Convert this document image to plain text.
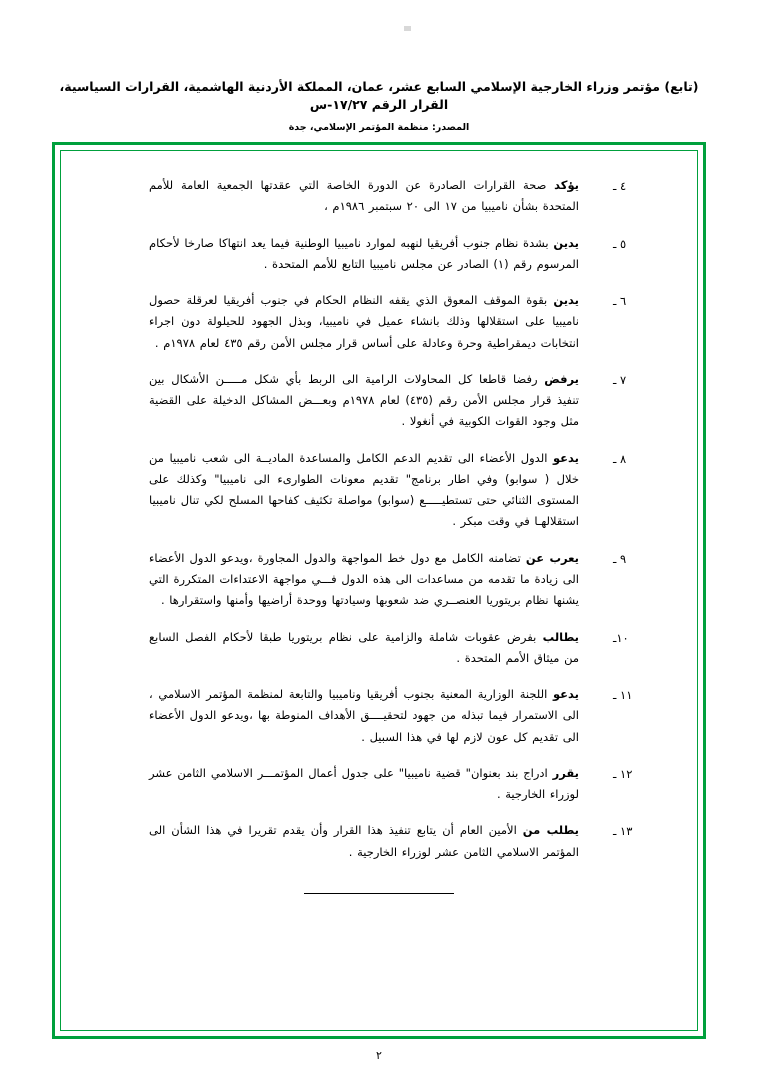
(تابع) مؤتمر وزراء الخارجية الإسلامي السابع عشر، عمان، المملكة الأردنية الهاشمية، القرارات السياسية، القرار الرقم ١٧/٢٧-س
المصدر: منظمة المؤتمر الإسلامي، جدة
٤ ـ
يؤكد صحة القرارات الصادرة عن الدورة الخاصة التي عقدتها الجمعية العامة للأمم المتحدة بشأن ناميبيا من ١٧ الى ٢٠ سبتمبر ١٩٨٦م ،
٥ ـ
يدين بشدة نظام جنوب أفريقيا لنهبه لموارد ناميبيا الوطنية فيما يعد انتهاكا صارخا لأحكام المرسوم رقم (١) الصادر عن مجلس ناميبيا التابع للأمم المتحدة .
٦ ـ
يدين بقوة الموقف المعوق الذي يقفه النظام الحكام في جنوب أفريقيا لعرقلة حصول ناميبيا على استقلالها وذلك بانشاء عميل في ناميبيا، وبذل الجهود للحيلولة دون اجراء انتخابات ديمقراطية وحرة وعادلة على أساس قرار مجلس الأمن رقم ٤٣٥ لعام ١٩٧٨م .
٧ ـ
يرفض رفضا قاطعا كل المحاولات الرامية الى الربط بأي شكل مـــــن الأشكال بين تنفيذ قرار مجلس الأمن رقم (٤٣٥) لعام ١٩٧٨م وبعـــض المشاكل الدخيلة على القضية مثل وجود القوات الكوبية في أنغولا .
٨ ـ
يدعو الدول الأعضاء الى تقديم الدعم الكامل والمساعدة الماديــة الى شعب ناميبيا من خلال ( سوابو) وفي اطار برنامج" تقديم معونات الطوارىء الى ناميبيا" وكذلك على المستوى الثنائي حتى تستطيـــــع (سوابو) مواصلة تكثيف كفاحها المسلح لكي تنال ناميبيا استقلالهـا في وقت مبكر .
٩ ـ
يعرب عن تضامنه الكامل مع دول خط المواجهة والدول المجاورة ،ويدعو الدول الأعضاء الى زيادة ما تقدمه من مساعدات الى هذه الدول فـــي مواجهة الاعتداءات المتكررة التي يشنها نظام بريتوريا العنصــري ضد شعوبها وسيادتها ووحدة أراضيها وأمنها واستقرارها .
١٠ـ
يطالب بفرض عقوبات شاملة والزامية على نظام بريتوريا طبقا لأحكام الفصل السابع من ميثاق الأمم المتحدة .
١١ ـ
يدعو اللجنة الوزارية المعنية بجنوب أفريقيا وناميبيا والتابعة لمنظمة المؤتمر الاسلامي ، الى الاستمرار فيما تبذله من جهود لتحقيــــق الأهداف المنوطة بها ،ويدعو الدول الأعضاء الى تقديم كل عون لازم لها في هذا السبيل .
١٢ ـ
يقرر ادراج بند بعنوان" قضية ناميبيا" على جدول أعمال المؤتمـــر الاسلامي الثامن عشر لوزراء الخارجية .
١٣ ـ
يطلب من الأمين العام أن يتابع تنفيذ هذا القرار وأن يقدم تقريرا في هذا الشأن الى المؤتمر الاسلامي الثامن عشر لوزراء الخارجية .
٢
